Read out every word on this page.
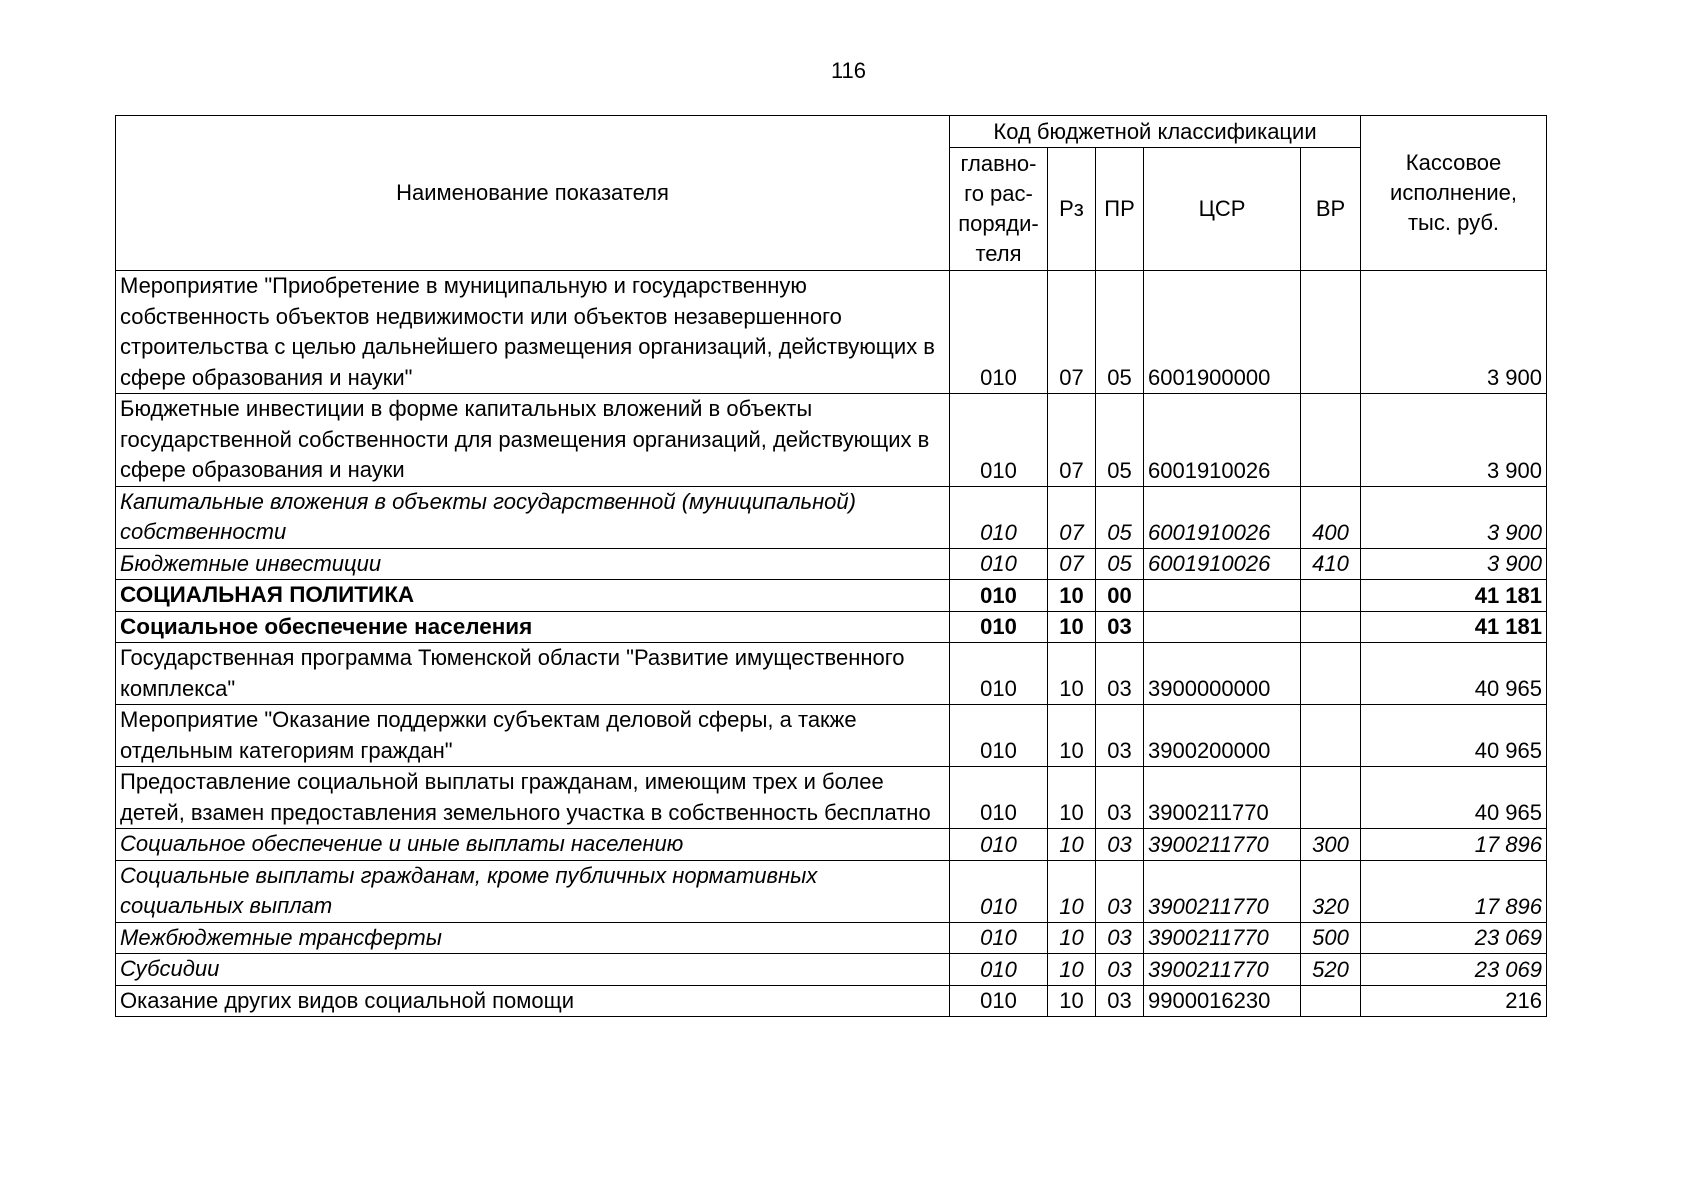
116
Наименование показателя	Код бюджетной классификации					Кассовое исполнение, тыс. руб.
	главно-го рас-поряди-теля	Рз	ПР	ЦСР	ВР	
Мероприятие "Приобретение в муниципальную и государственную собственность объектов недвижимости или объектов незавершенного строительства с целью дальнейшего размещения организаций, действующих в сфере образования и науки"	010	07	05	6001900000		3 900
Бюджетные инвестиции в форме капитальных вложений в объекты государственной собственности для размещения организаций, действующих в сфере образования и науки	010	07	05	6001910026		3 900
Капитальные вложения в объекты государственной (муниципальной) собственности	010	07	05	6001910026	400	3 900
Бюджетные инвестиции	010	07	05	6001910026	410	3 900
СОЦИАЛЬНАЯ ПОЛИТИКА	010	10	00			41 181
Социальное обеспечение населения	010	10	03			41 181
Государственная программа Тюменской области "Развитие имущественного комплекса"	010	10	03	3900000000		40 965
Мероприятие "Оказание поддержки субъектам деловой сферы, а также отдельным категориям граждан"	010	10	03	3900200000		40 965
Предоставление социальной выплаты гражданам, имеющим трех и более детей, взамен предоставления земельного участка в собственность бесплатно	010	10	03	3900211770		40 965
Социальное обеспечение и иные выплаты населению	010	10	03	3900211770	300	17 896
Социальные выплаты гражданам, кроме публичных нормативных социальных выплат	010	10	03	3900211770	320	17 896
Межбюджетные трансферты	010	10	03	3900211770	500	23 069
Субсидии	010	10	03	3900211770	520	23 069
Оказание других видов социальной помощи	010	10	03	9900016230		216
